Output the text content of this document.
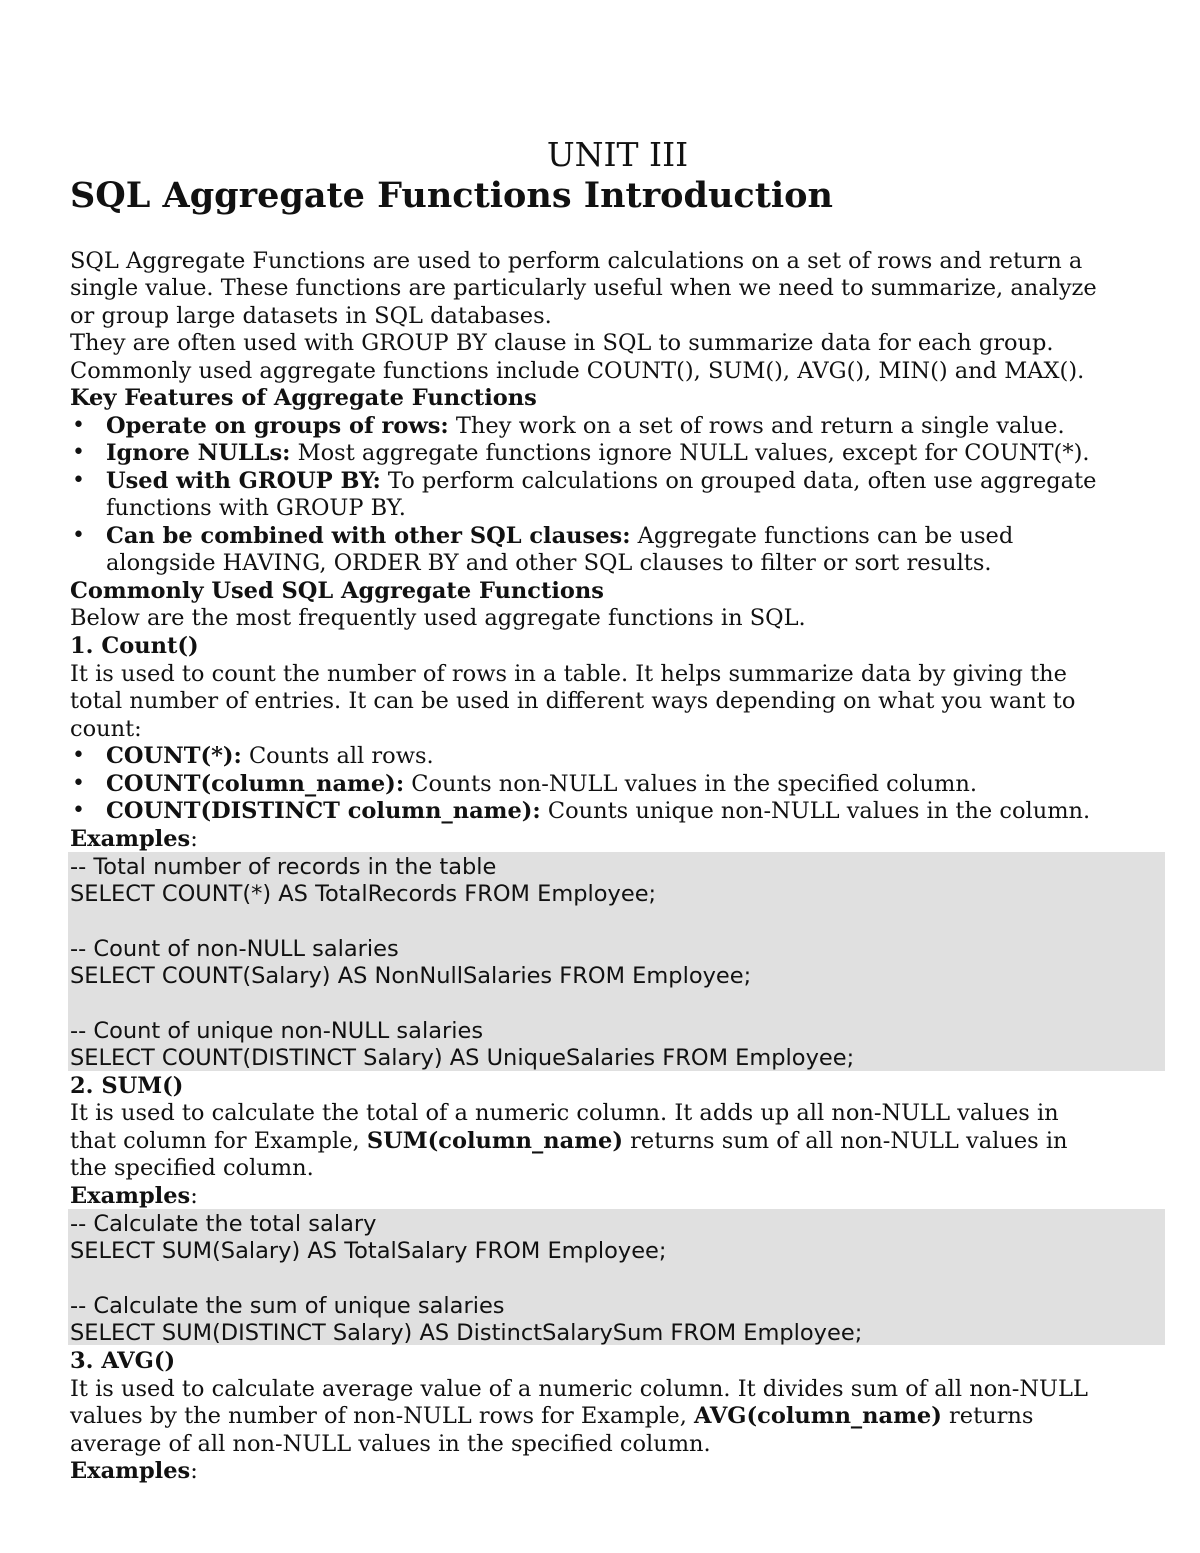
UNIT III
SQL Aggregate Functions Introduction
SQL Aggregate Functions are used to perform calculations on a set of rows and return a
single value. These functions are particularly useful when we need to summarize, analyze
or group large datasets in SQL databases.
They are often used with GROUP BY clause in SQL to summarize data for each group.
Commonly used aggregate functions include COUNT(), SUM(), AVG(), MIN() and MAX().
Key Features of Aggregate Functions
• Operate on groups of rows: They work on a set of rows and return a single value.
• Ignore NULLs: Most aggregate functions ignore NULL values, except for COUNT(*).
• Used with GROUP BY: To perform calculations on grouped data, often use aggregate
functions with GROUP BY.
• Can be combined with other SQL clauses: Aggregate functions can be used
alongside HAVING, ORDER BY and other SQL clauses to filter or sort results.
Commonly Used SQL Aggregate Functions
Below are the most frequently used aggregate functions in SQL.
1. Count()
It is used to count the number of rows in a table. It helps summarize data by giving the
total number of entries. It can be used in different ways depending on what you want to
count:
• COUNT(*): Counts all rows.
• COUNT(column_name): Counts non-NULL values in the specified column.
• COUNT(DISTINCT column_name): Counts unique non-NULL values in the column.
Examples:
-- Total number of records in the table
SELECT COUNT(*) AS TotalRecords FROM Employee;
-- Count of non-NULL salaries
SELECT COUNT(Salary) AS NonNullSalaries FROM Employee;
-- Count of unique non-NULL salaries
SELECT COUNT(DISTINCT Salary) AS UniqueSalaries FROM Employee;
2. SUM()
It is used to calculate the total of a numeric column. It adds up all non-NULL values in
that column for Example, SUM(column_name) returns sum of all non-NULL values in
the specified column.
Examples:
-- Calculate the total salary
SELECT SUM(Salary) AS TotalSalary FROM Employee;
-- Calculate the sum of unique salaries
SELECT SUM(DISTINCT Salary) AS DistinctSalarySum FROM Employee;
3. AVG()
It is used to calculate average value of a numeric column. It divides sum of all non-NULL
values by the number of non-NULL rows for Example, AVG(column_name) returns
average of all non-NULL values in the specified column.
Examples:
